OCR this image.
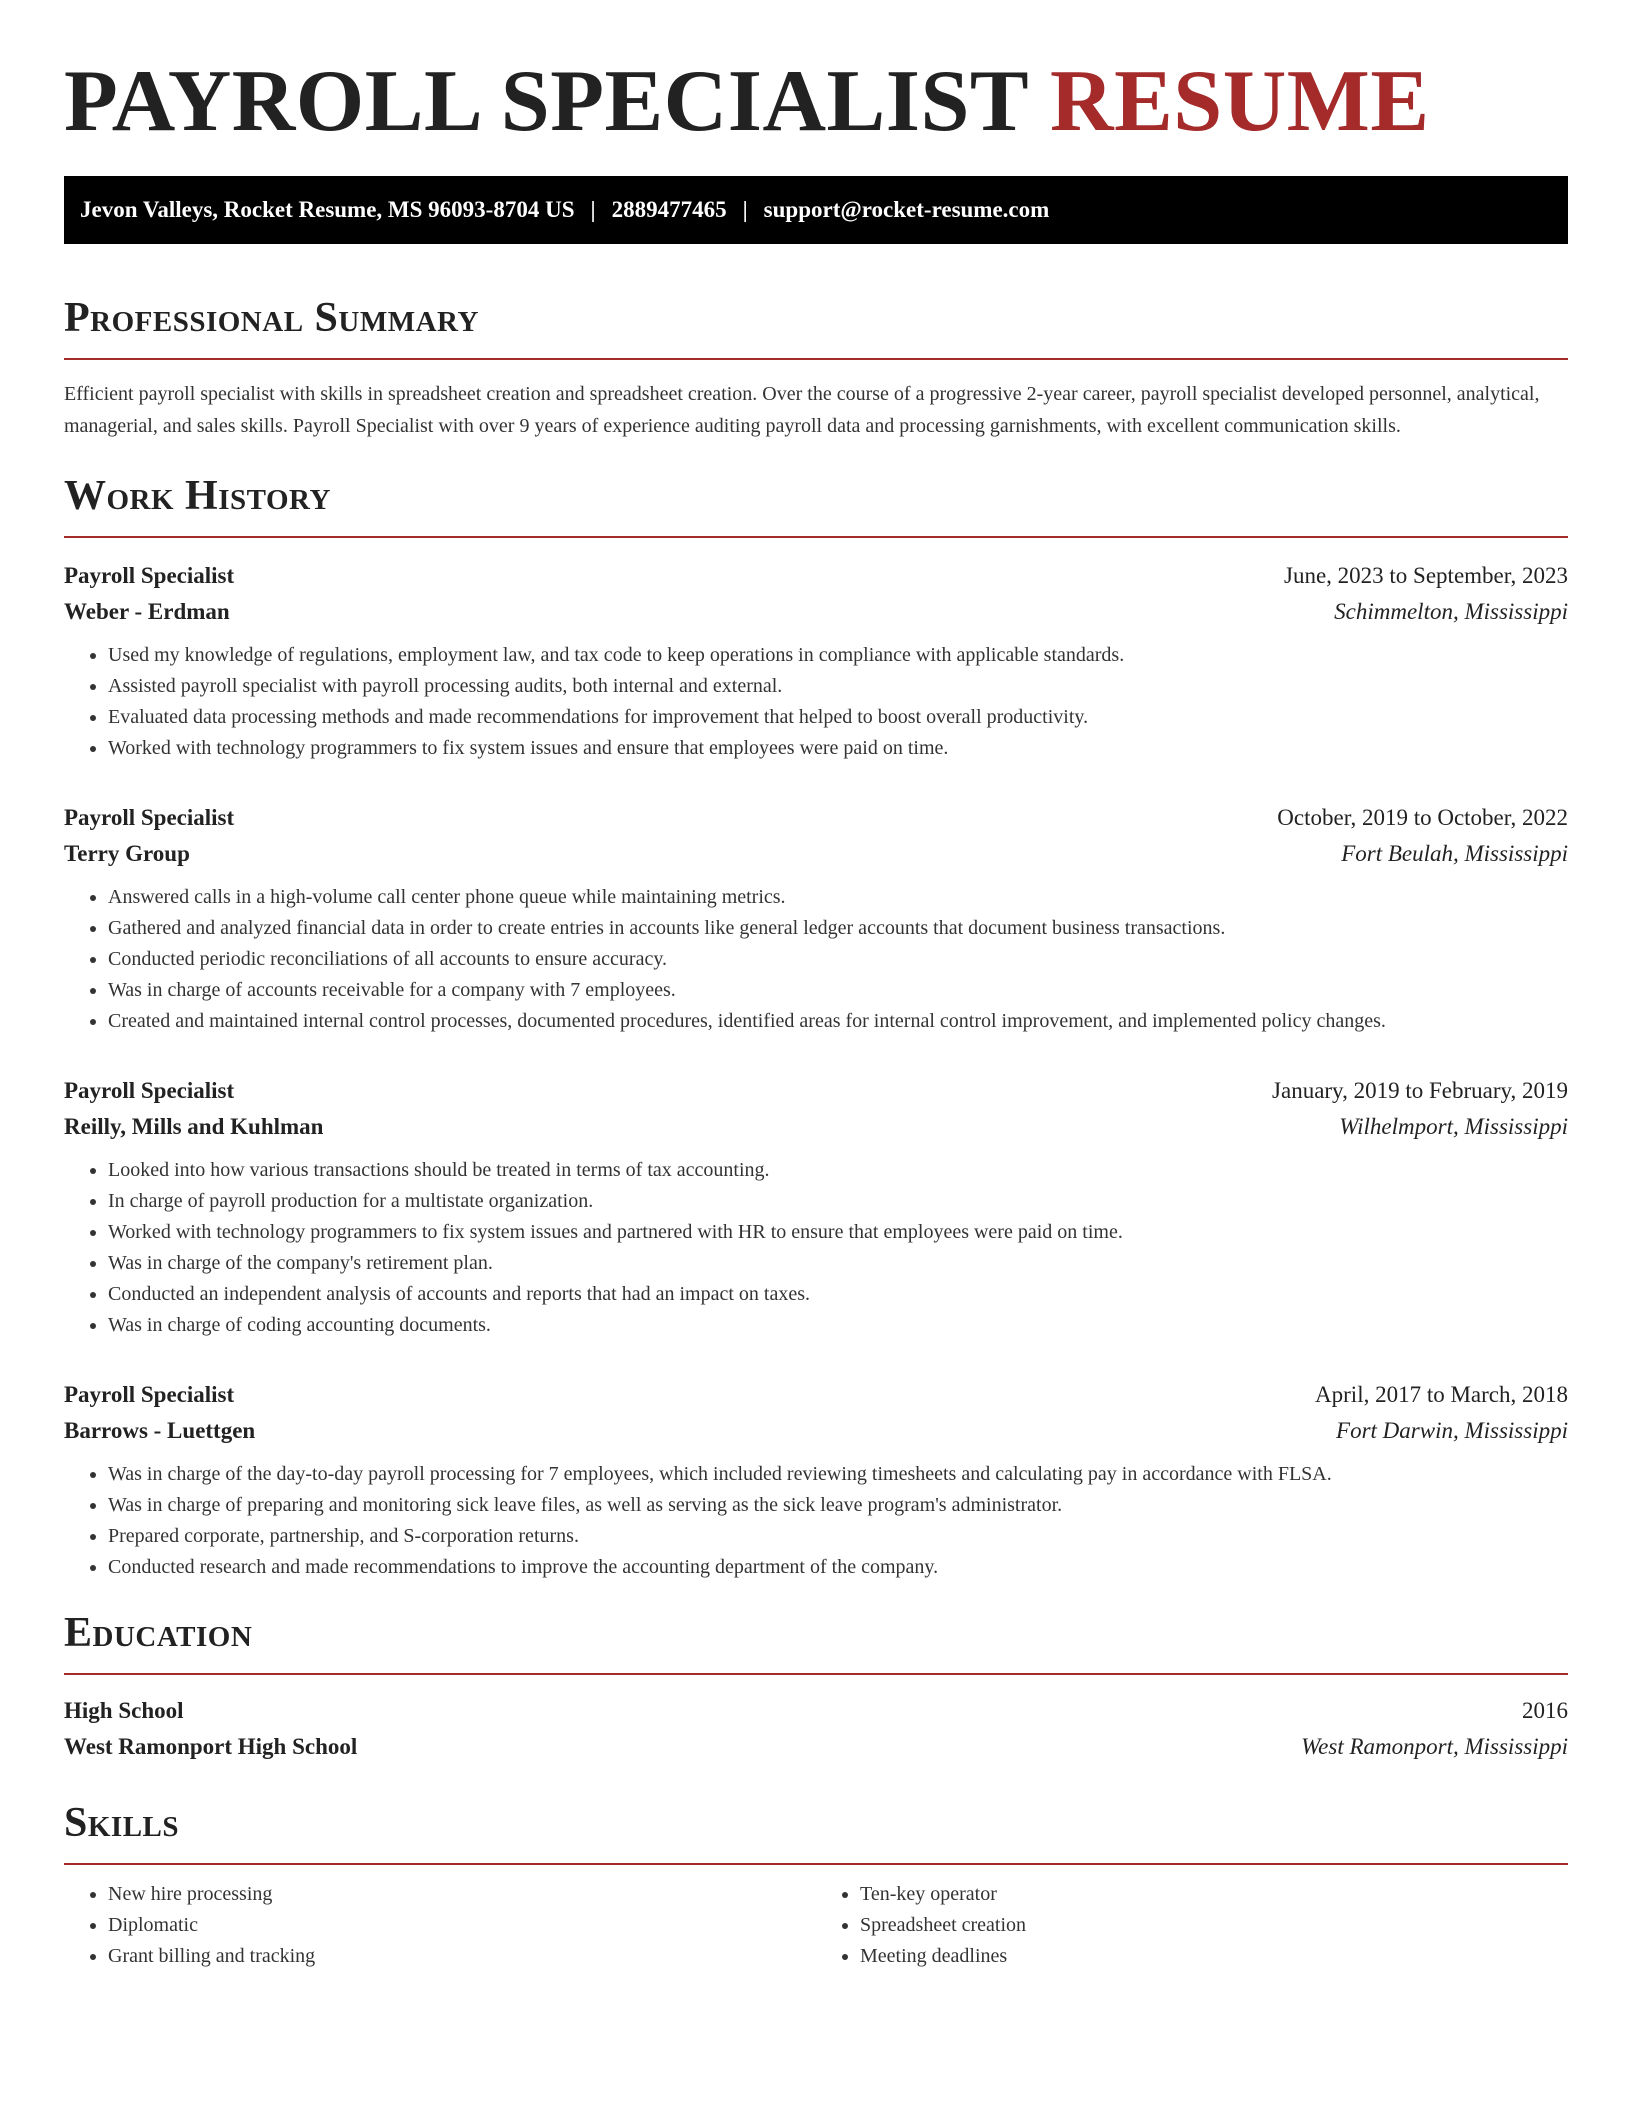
PAYROLL SPECIALIST RESUME
Jevon Valleys, Rocket Resume, MS 96093-8704 US | 2889477465 | support@rocket-resume.com
Professional Summary

Efficient payroll specialist with skills in spreadsheet creation and spreadsheet creation. Over the course of a progressive 2-year career, payroll specialist developed personnel, analytical, managerial, and sales skills. Payroll Specialist with over 9 years of experience auditing payroll data and processing garnishments, with excellent communication skills.

Work History
Payroll Specialist	June, 2023 to September, 2023
Weber - Erdman	Schimmelton, Mississippi
• Used my knowledge of regulations, employment law, and tax code to keep operations in compliance with applicable standards.
• Assisted payroll specialist with payroll processing audits, both internal and external.
• Evaluated data processing methods and made recommendations for improvement that helped to boost overall productivity.
• Worked with technology programmers to fix system issues and ensure that employees were paid on time.
Payroll Specialist	October, 2019 to October, 2022
Terry Group	Fort Beulah, Mississippi
• Answered calls in a high-volume call center phone queue while maintaining metrics.
• Gathered and analyzed financial data in order to create entries in accounts like general ledger accounts that document business transactions.
• Conducted periodic reconciliations of all accounts to ensure accuracy.
• Was in charge of accounts receivable for a company with 7 employees.
• Created and maintained internal control processes, documented procedures, identified areas for internal control improvement, and implemented policy changes.
Payroll Specialist	January, 2019 to February, 2019
Reilly, Mills and Kuhlman	Wilhelmport, Mississippi
• Looked into how various transactions should be treated in terms of tax accounting.
• In charge of payroll production for a multistate organization.
• Worked with technology programmers to fix system issues and partnered with HR to ensure that employees were paid on time.
• Was in charge of the company's retirement plan.
• Conducted an independent analysis of accounts and reports that had an impact on taxes.
• Was in charge of coding accounting documents.
Payroll Specialist	April, 2017 to March, 2018
Barrows - Luettgen	Fort Darwin, Mississippi
• Was in charge of the day-to-day payroll processing for 7 employees, which included reviewing timesheets and calculating pay in accordance with FLSA.
• Was in charge of preparing and monitoring sick leave files, as well as serving as the sick leave program's administrator.
• Prepared corporate, partnership, and S-corporation returns.
• Conducted research and made recommendations to improve the accounting department of the company.
Education
High School	2016
West Ramonport High School	West Ramonport, Mississippi
Skills
• New hire processing
• Diplomatic
• Grant billing and tracking
• Ten-key operator
• Spreadsheet creation
• Meeting deadlines
